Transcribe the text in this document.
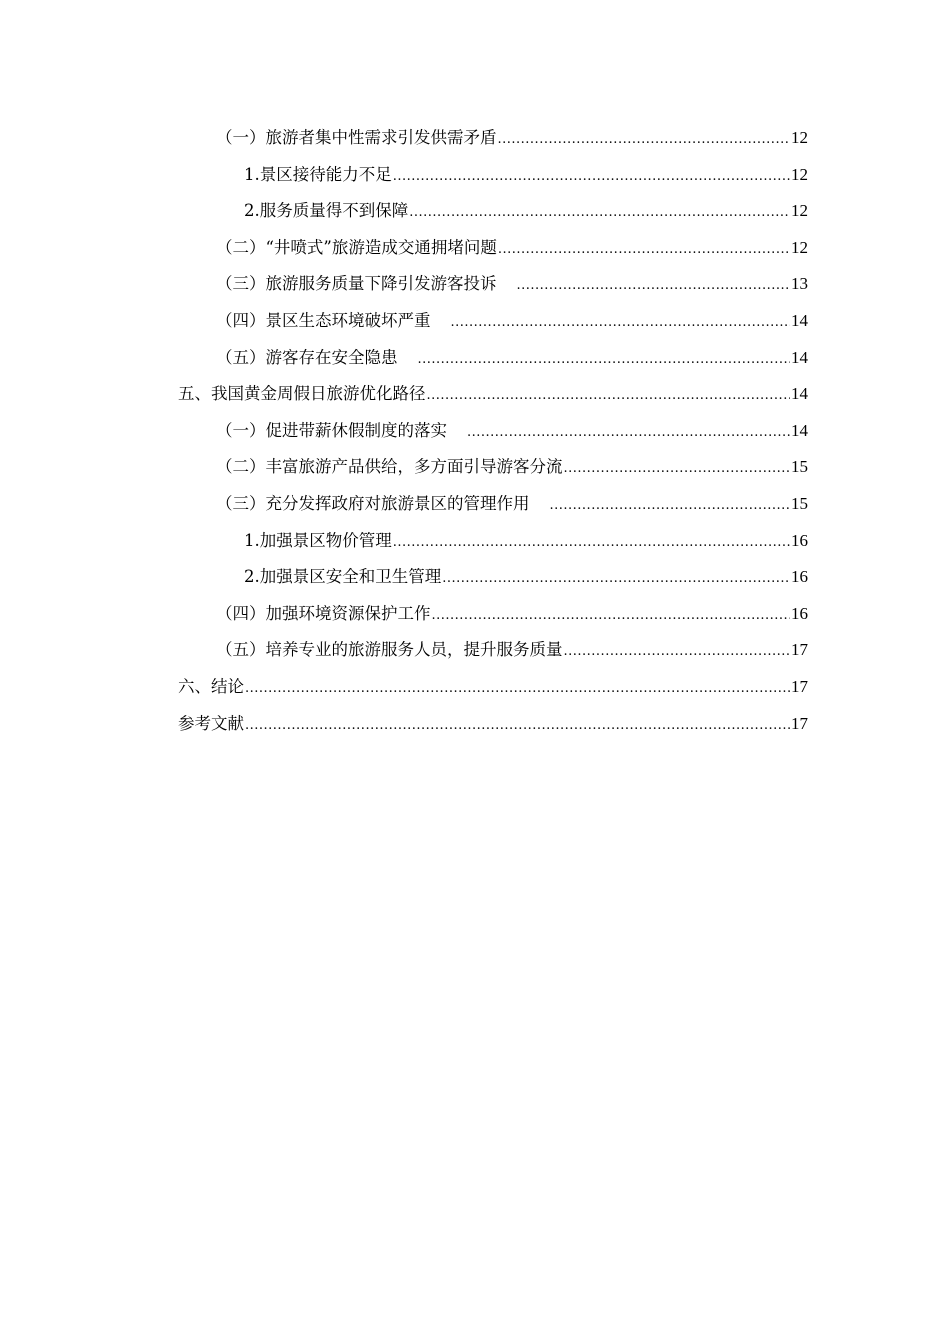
（一）旅游者集中性需求引发供需矛盾 .....	12
1.景区接待能力不足 .....	12
2.服务质量得不到保障 .....	12
（二）“井喷式”旅游造成交通拥堵问题 .....	12
（三）旅游服务质量下降引发游客投诉 .....	13
（四）景区生态环境破坏严重 .....	14
（五）游客存在安全隐患 .....	14
五、我国黄金周假日旅游优化路径 .....	14
（一）促进带薪休假制度的落实 .....	14
（二）丰富旅游产品供给，多方面引导游客分流 .....	15
（三）充分发挥政府对旅游景区的管理作用 .....	15
1.加强景区物价管理 .....	16
2.加强景区安全和卫生管理 .....	16
（四）加强环境资源保护工作 .....	16
（五）培养专业的旅游服务人员，提升服务质量 .....	17
六、结论 .....	17
参考文献 .....	17
